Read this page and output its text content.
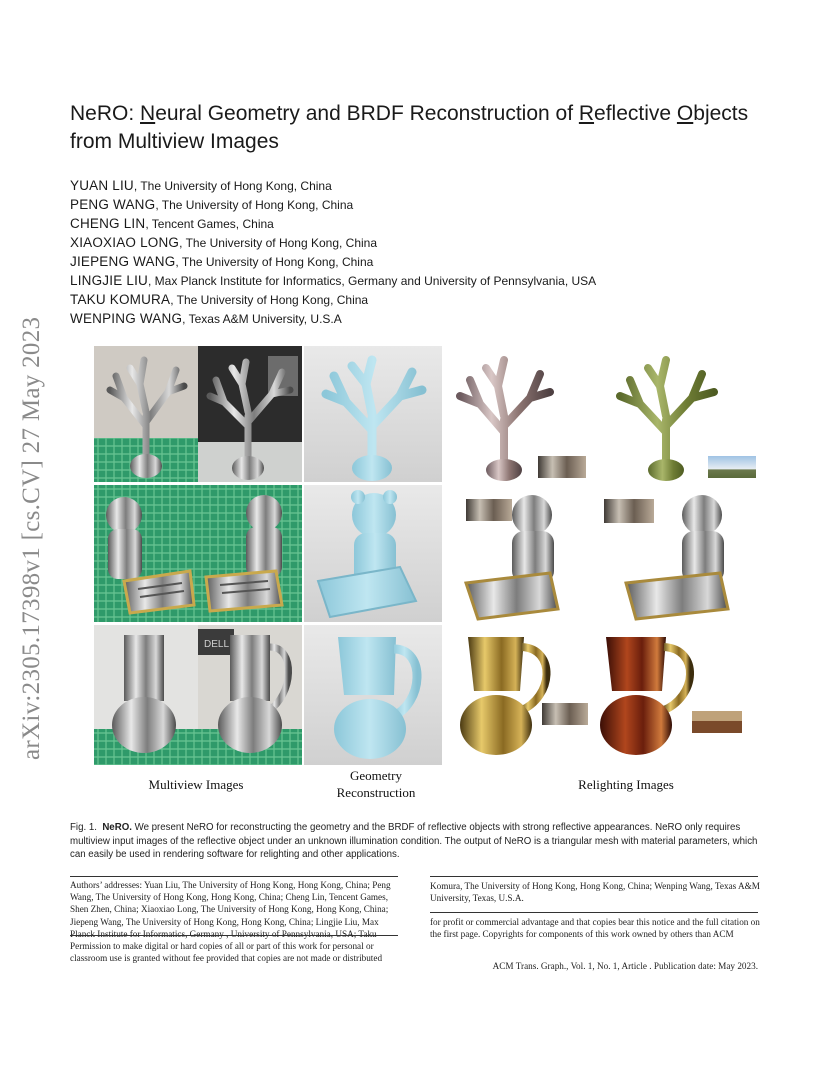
arXiv:2305.17398v1 [cs.CV] 27 May 2023
NeRO: Neural Geometry and BRDF Reconstruction of Reflective Objects
from Multiview Images
YUAN LIU, The University of Hong Kong, China
PENG WANG, The University of Hong Kong, China
CHENG LIN, Tencent Games, China
XIAOXIAO LONG, The University of Hong Kong, China
JIEPENG WANG, The University of Hong Kong, China
LINGJIE LIU, Max Planck Institute for Informatics, Germany and University of Pennsylvania, USA
TAKU KOMURA, The University of Hong Kong, China
WENPING WANG, Texas A&M University, U.S.A
DELL
Multiview Images
Geometry
Reconstruction
Relighting Images
Fig. 1. NeRO. We present NeRO for reconstructing the geometry and the BRDF of reflective objects with strong reflective appearances. NeRO only requires multiview input images of the reflective object under an unknown illumination condition. The output of NeRO is a triangular mesh with material parameters, which can easily be used in rendering software for relighting and other applications.
Authors’ addresses: Yuan Liu, The University of Hong Kong, Hong Kong, China; Peng Wang, The University of Hong Kong, Hong Kong, China; Cheng Lin, Tencent Games, Shen Zhen, China; Xiaoxiao Long, The University of Hong Kong, Hong Kong, China; Jiepeng Wang, The University of Hong Kong, Hong Kong, China; Lingjie Liu, Max Planck Institute for Informatics, Germany , University of Pennsylvania, USA; Taku
Permission to make digital or hard copies of all or part of this work for personal or classroom use is granted without fee provided that copies are not made or distributed
Komura, The University of Hong Kong, Hong Kong, China; Wenping Wang, Texas A&M University, Texas, U.S.A.
for profit or commercial advantage and that copies bear this notice and the full citation on the first page. Copyrights for components of this work owned by others than ACM
ACM Trans. Graph., Vol. 1, No. 1, Article . Publication date: May 2023.
